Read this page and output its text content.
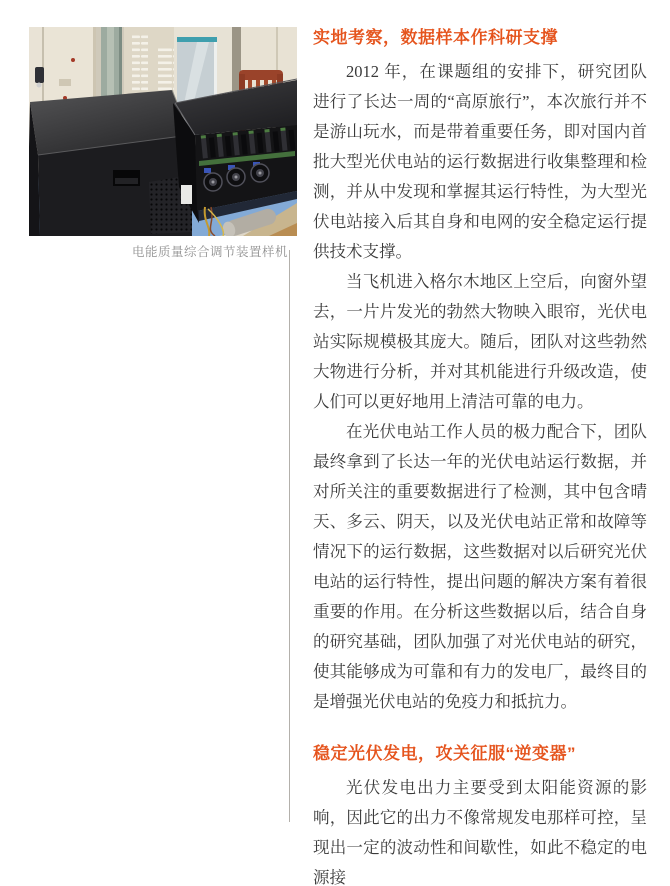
电能质量综合调节装置样机
实地考察，数据样本作科研支撑

2012 年，在课题组的安排下，研究团队进行了长达一周的“高原旅行”，本次旅行并不是游山玩水，而是带着重要任务，即对国内首批大型光伏电站的运行数据进行收集整理和检测，并从中发现和掌握其运行特性，为大型光伏电站接入后其自身和电网的安全稳定运行提供技术支撑。

当飞机进入格尔木地区上空后，向窗外望去，一片片发光的勃然大物映入眼帘，光伏电站实际规模极其庞大。随后，团队对这些勃然大物进行分析，并对其机能进行升级改造，使人们可以更好地用上清洁可靠的电力。

在光伏电站工作人员的极力配合下，团队最终拿到了长达一年的光伏电站运行数据，并对所关注的重要数据进行了检测，其中包含晴天、多云、阴天，以及光伏电站正常和故障等情况下的运行数据，这些数据对以后研究光伏电站的运行特性，提出问题的解决方案有着很重要的作用。在分析这些数据以后，结合自身的研究基础，团队加强了对光伏电站的研究，使其能够成为可靠和有力的发电厂，最终目的是增强光伏电站的免疫力和抵抗力。

稳定光伏发电，攻关征服“逆变器”

光伏发电出力主要受到太阳能资源的影响，因此它的出力不像常规发电那样可控，呈现出一定的波动性和间歇性，如此不稳定的电源接
